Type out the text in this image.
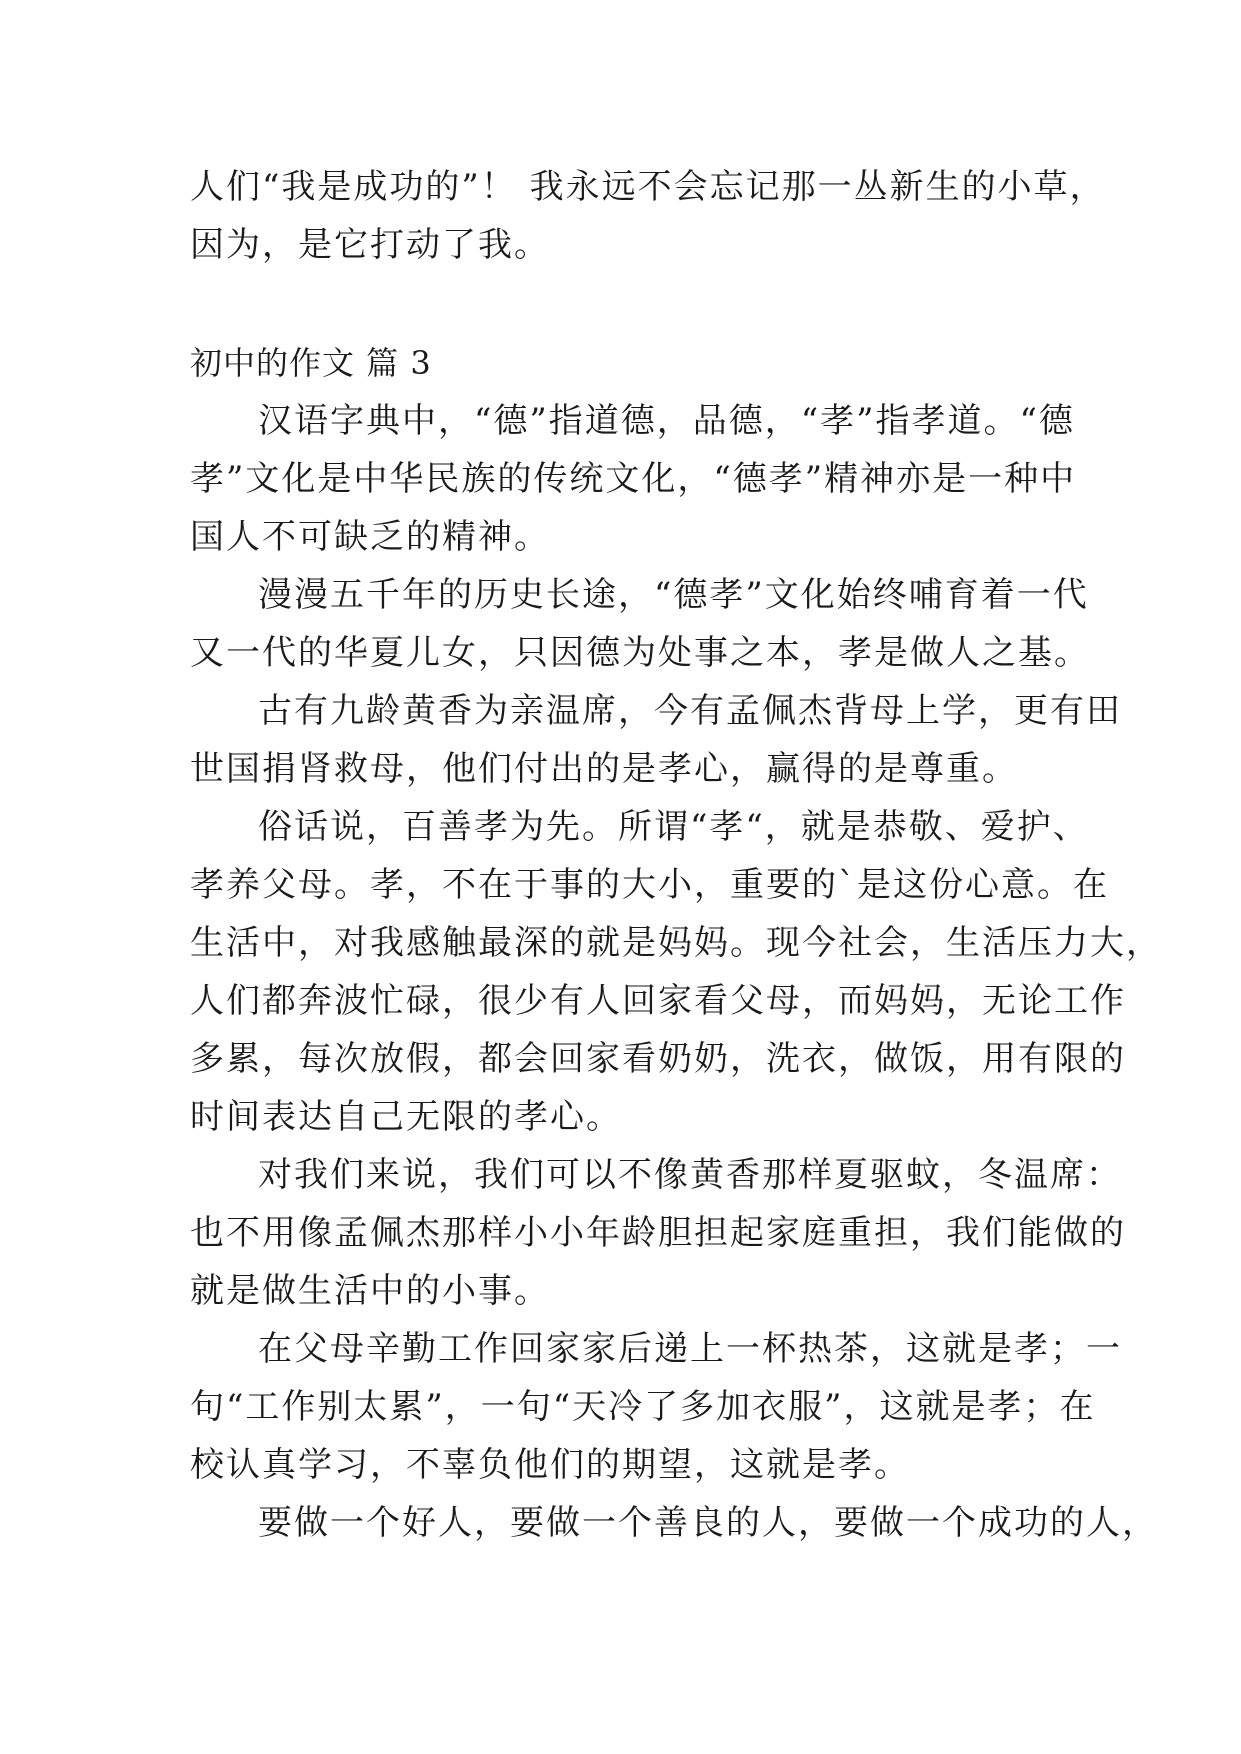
人们“我是成功的”！ 我永远不会忘记那一丛新生的小草，
因为，是它打动了我。
初中的作文 篇 3
汉语字典中，“德”指道德，品德，“孝”指孝道。“德
孝”文化是中华民族的传统文化，“德孝”精神亦是一种中
国人不可缺乏的精神。
漫漫五千年的历史长途，“德孝”文化始终哺育着一代
又一代的华夏儿女，只因德为处事之本，孝是做人之基。
古有九龄黄香为亲温席，今有孟佩杰背母上学，更有田
世国捐肾救母，他们付出的是孝心，赢得的是尊重。
俗话说，百善孝为先。所谓“孝“，就是恭敬、爱护、
孝养父母。孝，不在于事的大小，重要的`是这份心意。在
生活中，对我感触最深的就是妈妈。现今社会，生活压力大，
人们都奔波忙碌，很少有人回家看父母，而妈妈，无论工作
多累，每次放假，都会回家看奶奶，洗衣，做饭，用有限的
时间表达自己无限的孝心。
对我们来说，我们可以不像黄香那样夏驱蚊，冬温席：
也不用像孟佩杰那样小小年龄胆担起家庭重担，我们能做的
就是做生活中的小事。
在父母辛勤工作回家家后递上一杯热茶，这就是孝；一
句“工作别太累”，一句“天冷了多加衣服”，这就是孝；在
校认真学习，不辜负他们的期望，这就是孝。
要做一个好人，要做一个善良的人，要做一个成功的人，
